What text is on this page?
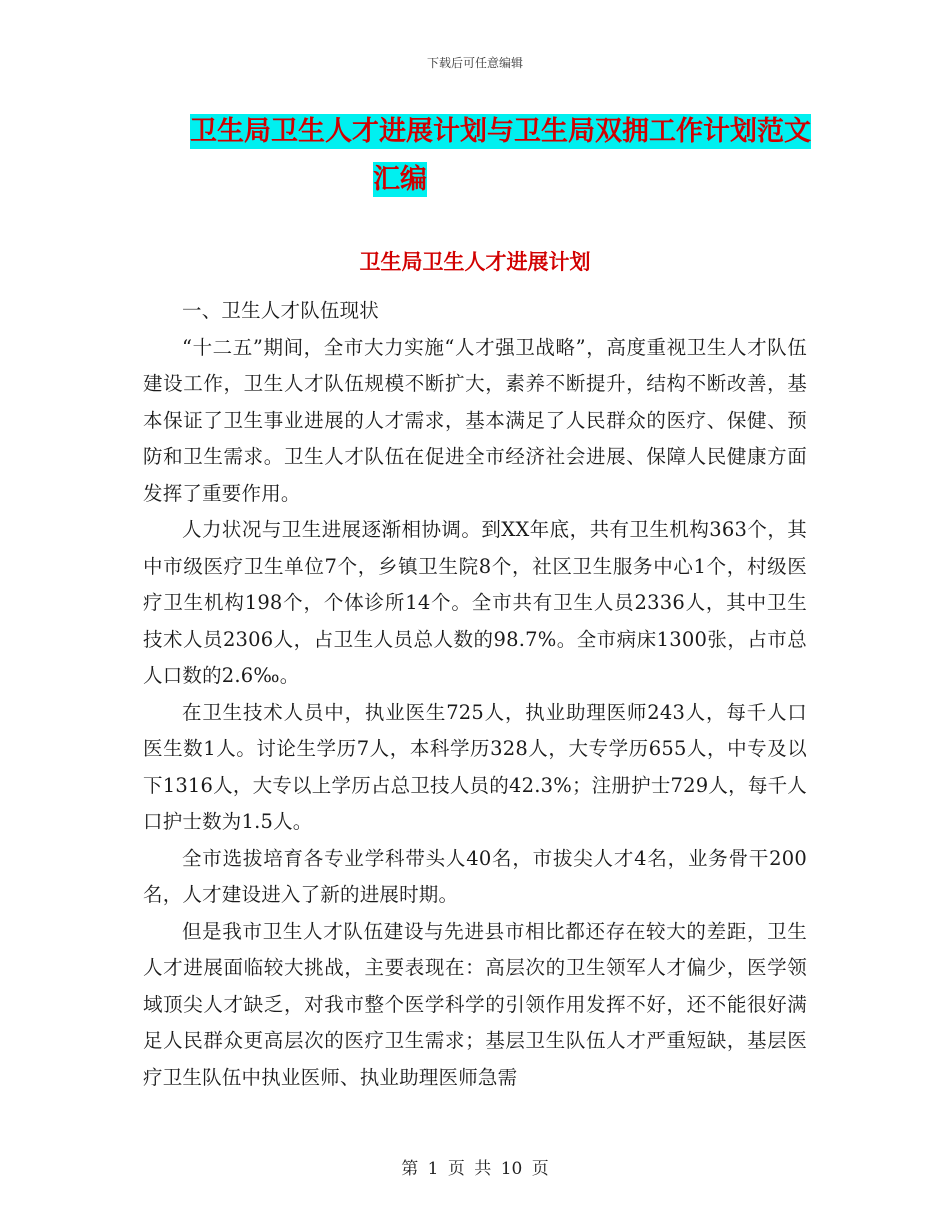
下载后可任意编辑
卫生局卫生人才进展计划与卫生局双拥工作计划范文
汇编
卫生局卫生人才进展计划

一、卫生人才队伍现状

“十二五”期间，全市大力实施“人才强卫战略”，高度重视卫生人才队伍建设工作，卫生人才队伍规模不断扩大，素养不断提升，结构不断改善，基本保证了卫生事业进展的人才需求，基本满足了人民群众的医疗、保健、预防和卫生需求。卫生人才队伍在促进全市经济社会进展、保障人民健康方面发挥了重要作用。

人力状况与卫生进展逐渐相协调。到XX年底，共有卫生机构363个，其中市级医疗卫生单位7个，乡镇卫生院8个，社区卫生服务中心1个，村级医疗卫生机构198个，个体诊所14个。全市共有卫生人员2336人，其中卫生技术人员2306人，占卫生人员总人数的98.7%。全市病床1300张，占市总人口数的2.6‰。

在卫生技术人员中，执业医生725人，执业助理医师243人，每千人口医生数1人。讨论生学历7人，本科学历328人，大专学历655人，中专及以下1316人，大专以上学历占总卫技人员的42.3%；注册护士729人，每千人口护士数为1.5人。

全市选拔培育各专业学科带头人40名，市拔尖人才4名，业务骨干200名，人才建设进入了新的进展时期。

但是我市卫生人才队伍建设与先进县市相比都还存在较大的差距，卫生人才进展面临较大挑战，主要表现在：高层次的卫生领军人才偏少，医学领域顶尖人才缺乏，对我市整个医学科学的引领作用发挥不好，还不能很好满足人民群众更高层次的医疗卫生需求；基层卫生队伍人才严重短缺，基层医疗卫生队伍中执业医师、执业助理医师急需

第 1 页 共 10 页
